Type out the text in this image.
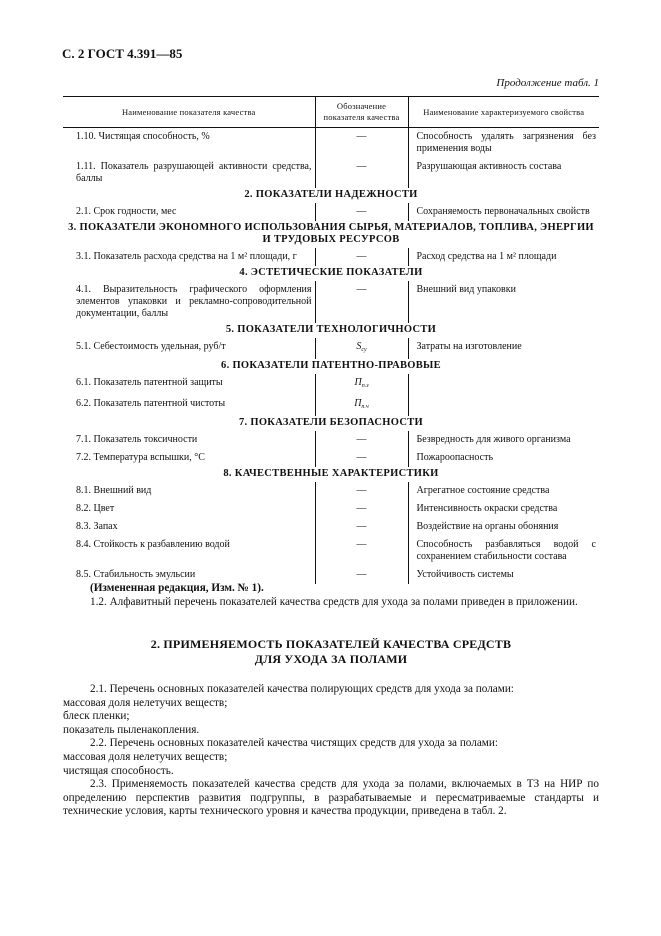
С. 2 ГОСТ 4.391—85
Продолжение табл. 1
Наименование показателя качества	Обозначение показателя качества	Наименование характеризуемого свойства

1.10. Чистящая способность, %	—	Способность удалять загрязнения без применения воды

1.11. Показатель разрушающей активности средства, баллы	—	Разрушающая активность состава
2. ПОКАЗАТЕЛИ НАДЕЖНОСТИ		

2.1. Срок годности, мес	—	Сохраняемость первоначальных свойств
3. ПОКАЗАТЕЛИ ЭКОНОМНОГО ИСПОЛЬЗОВАНИЯ СЫРЬЯ, МАТЕРИАЛОВ, ТОПЛИВА, ЭНЕРГИИ И ТРУДОВЫХ РЕСУРСОВ		

3.1. Показатель расхода средства на 1 м² площади, г	—	Расход средства на 1 м² площади
4. ЭСТЕТИЧЕСКИЕ ПОКАЗАТЕЛИ		

4.1. Выразительность графического оформления элементов упаковки и рекламно-сопроводительной документации, баллы	—	Внешний вид упаковки
5. ПОКАЗАТЕЛИ ТЕХНОЛОГИЧНОСТИ		

5.1. Себестоимость удельная, руб/т	$S_{су}$	Затраты на изготовление
6. ПОКАЗАТЕЛИ ПАТЕНТНО-ПРАВОВЫЕ		

6.1. Показатель патентной защиты	$П_{п.з}$	

6.2. Показатель патентной чистоты	$П_{п.ч}$	
7. ПОКАЗАТЕЛИ БЕЗОПАСНОСТИ		

7.1. Показатель токсичности	—	Безвредность для живого организма

7.2. Температура вспышки, °С	—	Пожароопасность
8. КАЧЕСТВЕННЫЕ ХАРАКТЕРИСТИКИ		

8.1. Внешний вид	—	Агрегатное состояние средства

8.2. Цвет	—	Интенсивность окраски средства

8.3. Запах	—	Воздействие на органы обоняния

8.4. Стойкость к разбавлению водой	—	Способность разбавляться водой с сохранением стабильности состава

8.5. Стабильность эмульсии	—	Устойчивость системы
(Измененная редакция, Изм. № 1).
1.2. Алфавитный перечень показателей качества средств для ухода за полами приведен в приложении.
2. ПРИМЕНЯЕМОСТЬ ПОКАЗАТЕЛЕЙ КАЧЕСТВА СРЕДСТВ
ДЛЯ УХОДА ЗА ПОЛАМИ
2.1. Перечень основных показателей качества полирующих средств для ухода за полами:
массовая доля нелетучих веществ;
блеск пленки;
показатель пыленакопления.
2.2. Перечень основных показателей качества чистящих средств для ухода за полами:
массовая доля нелетучих веществ;
чистящая способность.
2.3. Применяемость показателей качества средств для ухода за полами, включаемых в ТЗ на НИР по определению перспектив развития подгруппы, в разрабатываемые и пересматриваемые стандарты и технические условия, карты технического уровня и качества продукции, приведена в табл. 2.
